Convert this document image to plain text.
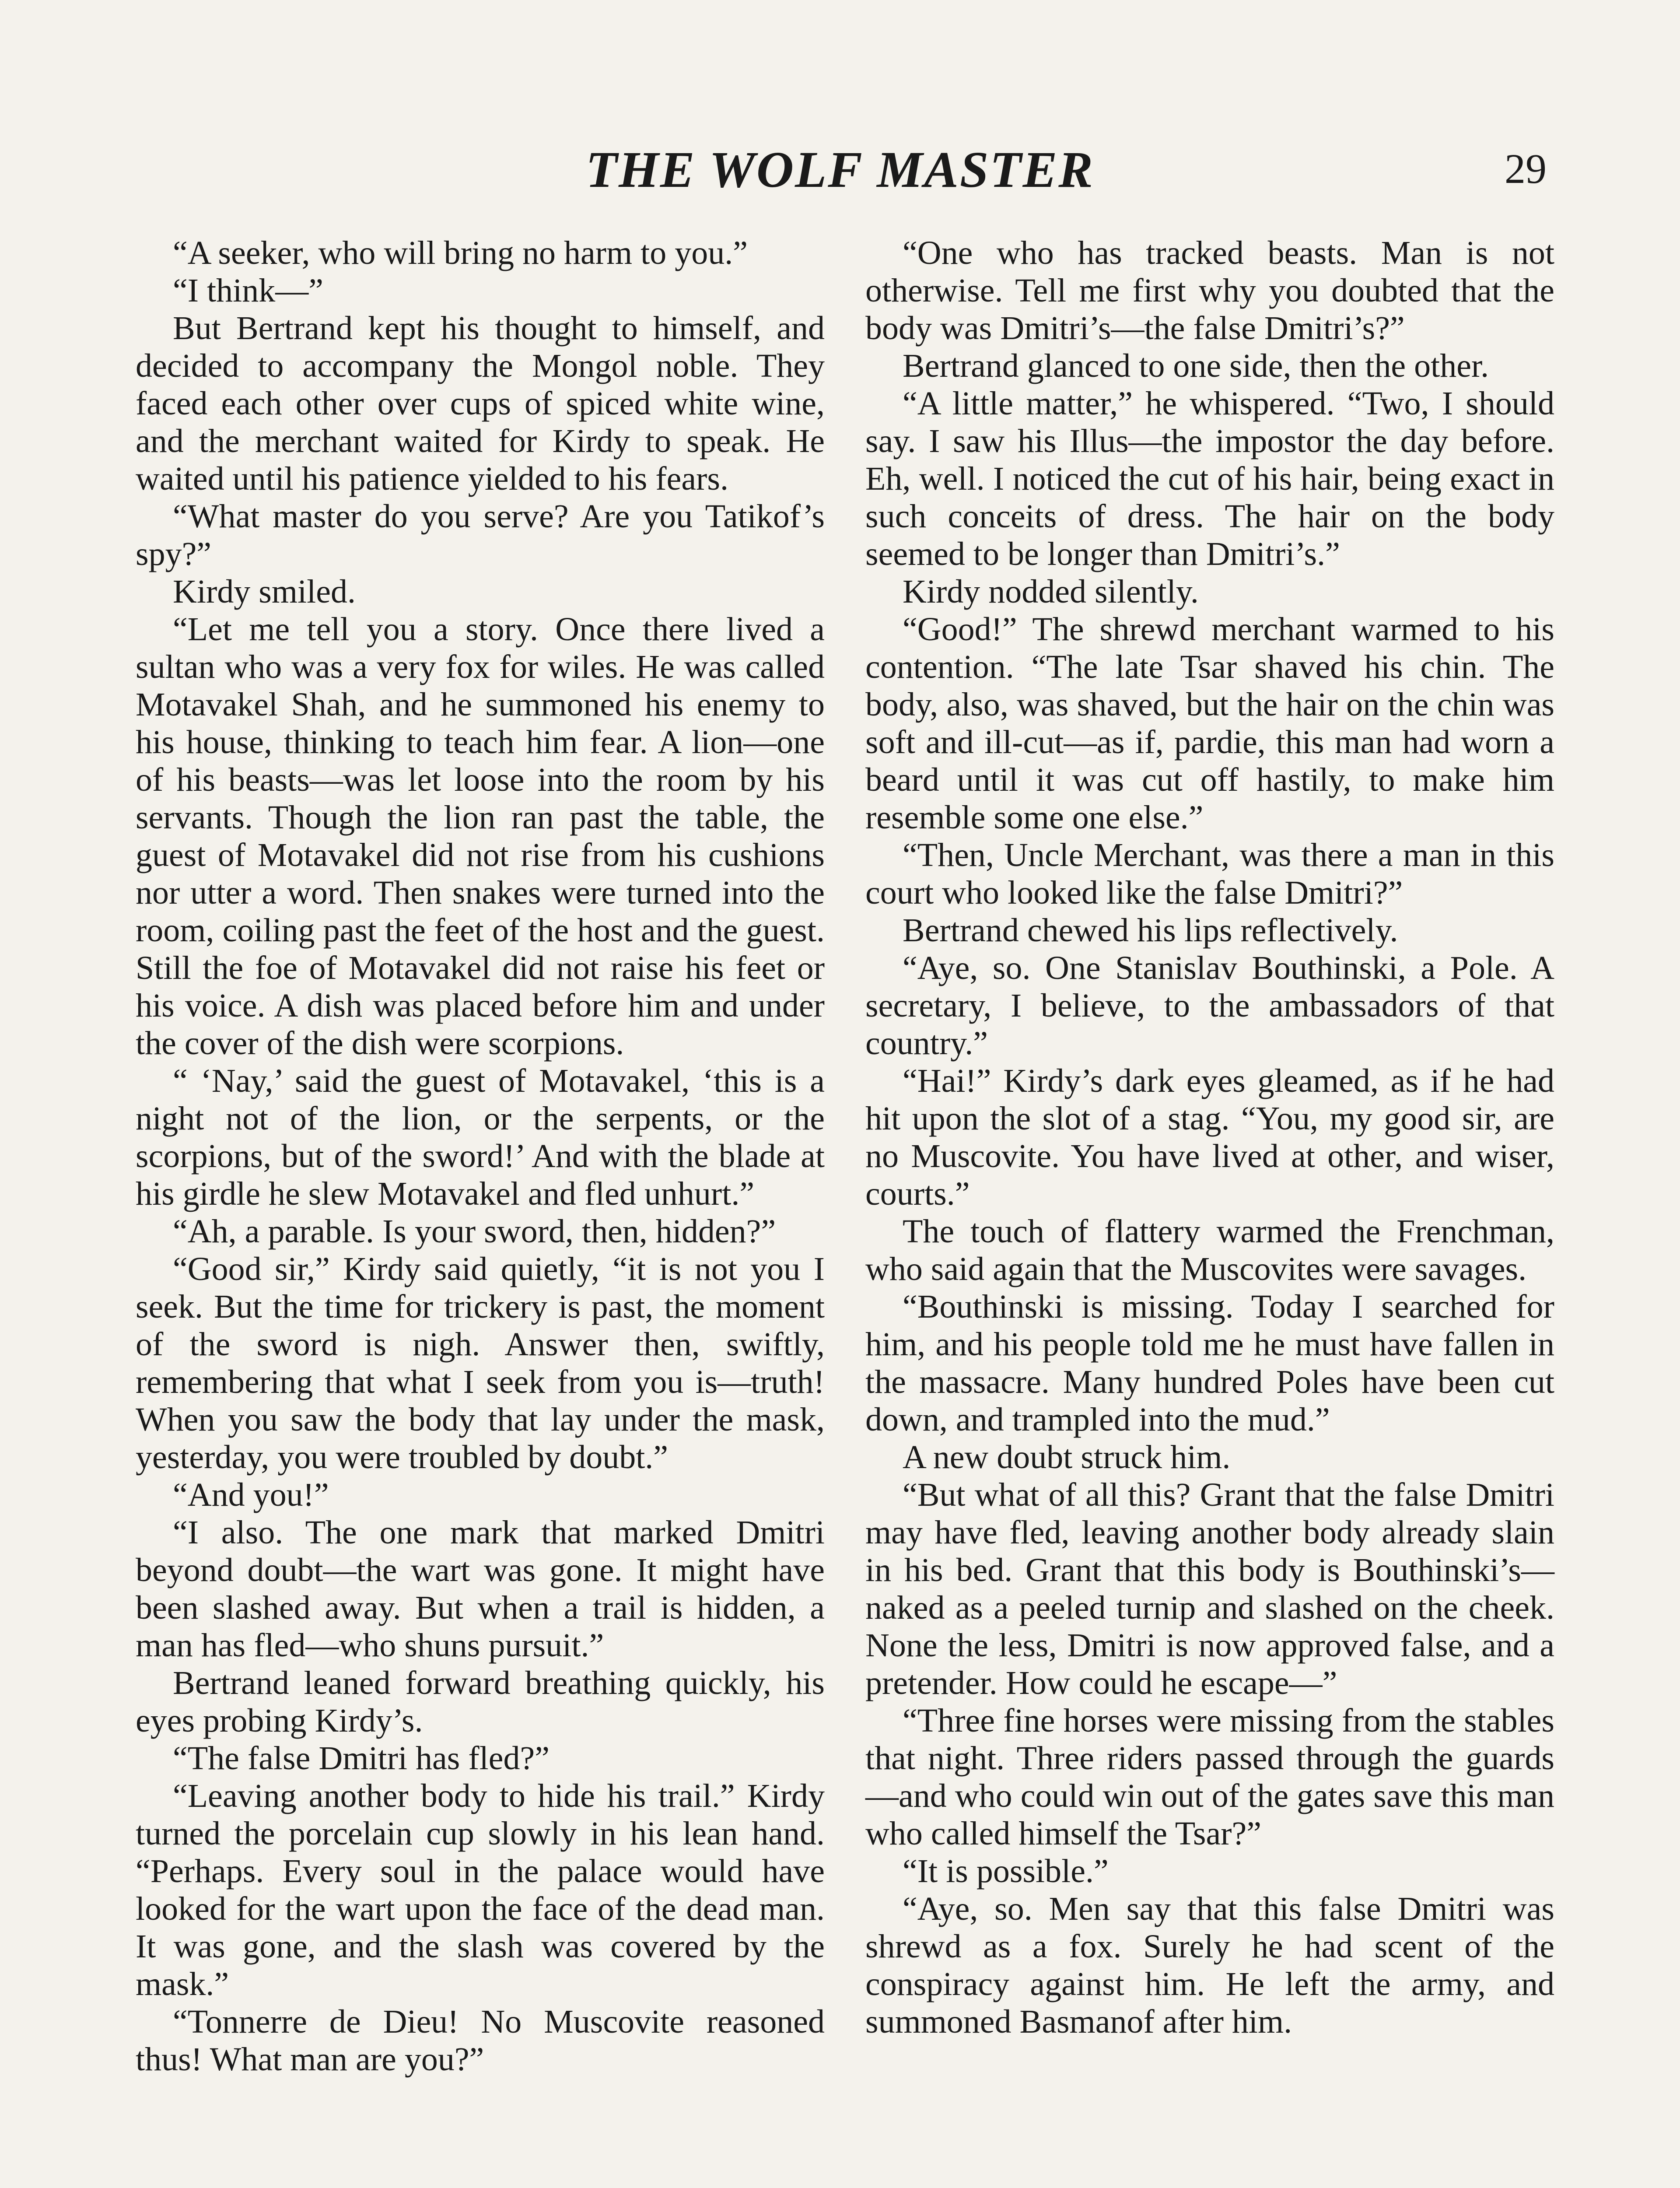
THE WOLF MASTER	29

“A seeker, who will bring no harm to you.”

“I think—”

But Bertrand kept his thought to himself, and decided to accompany the Mongol noble. They faced each other over cups of spiced white wine, and the merchant waited for Kirdy to speak. He waited until his patience yielded to his fears.

“What master do you serve? Are you Tatikof’s spy?”

Kirdy smiled.

“Let me tell you a story. Once there lived a sultan who was a very fox for wiles. He was called Motavakel Shah, and he summoned his enemy to his house, thinking to teach him fear. A lion—one of his beasts—was let loose into the room by his servants. Though the lion ran past the table, the guest of Motavakel did not rise from his cushions nor utter a word. Then snakes were turned into the room, coiling past the feet of the host and the guest. Still the foe of Motavakel did not raise his feet or his voice. A dish was placed before him and under the cover of the dish were scorpions.

“ ‘Nay,’ said the guest of Motavakel, ‘this is a night not of the lion, or the serpents, or the scorpions, but of the sword!’ And with the blade at his girdle he slew Motavakel and fled unhurt.”

“Ah, a parable. Is your sword, then, hidden?”

“Good sir,” Kirdy said quietly, “it is not you I seek. But the time for trickery is past, the moment of the sword is nigh. Answer then, swiftly, remembering that what I seek from you is—truth! When you saw the body that lay under the mask, yesterday, you were troubled by doubt.”

“And you!”

“I also. The one mark that marked Dmitri beyond doubt—the wart was gone. It might have been slashed away. But when a trail is hidden, a man has fled—who shuns pursuit.”

Bertrand leaned forward breathing quickly, his eyes probing Kirdy’s.

“The false Dmitri has fled?”

“Leaving another body to hide his trail.” Kirdy turned the porcelain cup slowly in his lean hand. “Perhaps. Every soul in the palace would have looked for the wart upon the face of the dead man. It was gone, and the slash was covered by the mask.”

“Tonnerre de Dieu! No Muscovite reasoned thus! What man are you?”

“One who has tracked beasts. Man is not otherwise. Tell me first why you doubted that the body was Dmitri’s—the false Dmitri’s?”

Bertrand glanced to one side, then the other.

“A little matter,” he whispered. “Two, I should say. I saw his Illus—the impostor the day before. Eh, well. I noticed the cut of his hair, being exact in such conceits of dress. The hair on the body seemed to be longer than Dmitri’s.”

Kirdy nodded silently.

“Good!” The shrewd merchant warmed to his contention. “The late Tsar shaved his chin. The body, also, was shaved, but the hair on the chin was soft and ill-cut—as if, pardie, this man had worn a beard until it was cut off hastily, to make him resemble some one else.”

“Then, Uncle Merchant, was there a man in this court who looked like the false Dmitri?”

Bertrand chewed his lips reflectively.

“Aye, so. One Stanislav Bouthinski, a Pole. A secretary, I believe, to the ambassadors of that country.”

“Hai!” Kirdy’s dark eyes gleamed, as if he had hit upon the slot of a stag. “You, my good sir, are no Muscovite. You have lived at other, and wiser, courts.”

The touch of flattery warmed the Frenchman, who said again that the Muscovites were savages.

“Bouthinski is missing. Today I searched for him, and his people told me he must have fallen in the massacre. Many hundred Poles have been cut down, and trampled into the mud.”

A new doubt struck him.

“But what of all this? Grant that the false Dmitri may have fled, leaving another body already slain in his bed. Grant that this body is Bouthinski’s—naked as a peeled turnip and slashed on the cheek. None the less, Dmitri is now approved false, and a pretender. How could he escape—”

“Three fine horses were missing from the stables that night. Three riders passed through the guards—and who could win out of the gates save this man who called himself the Tsar?”

“It is possible.”

“Aye, so. Men say that this false Dmitri was shrewd as a fox. Surely he had scent of the conspiracy against him. He left the army, and summoned Basmanof after him.
